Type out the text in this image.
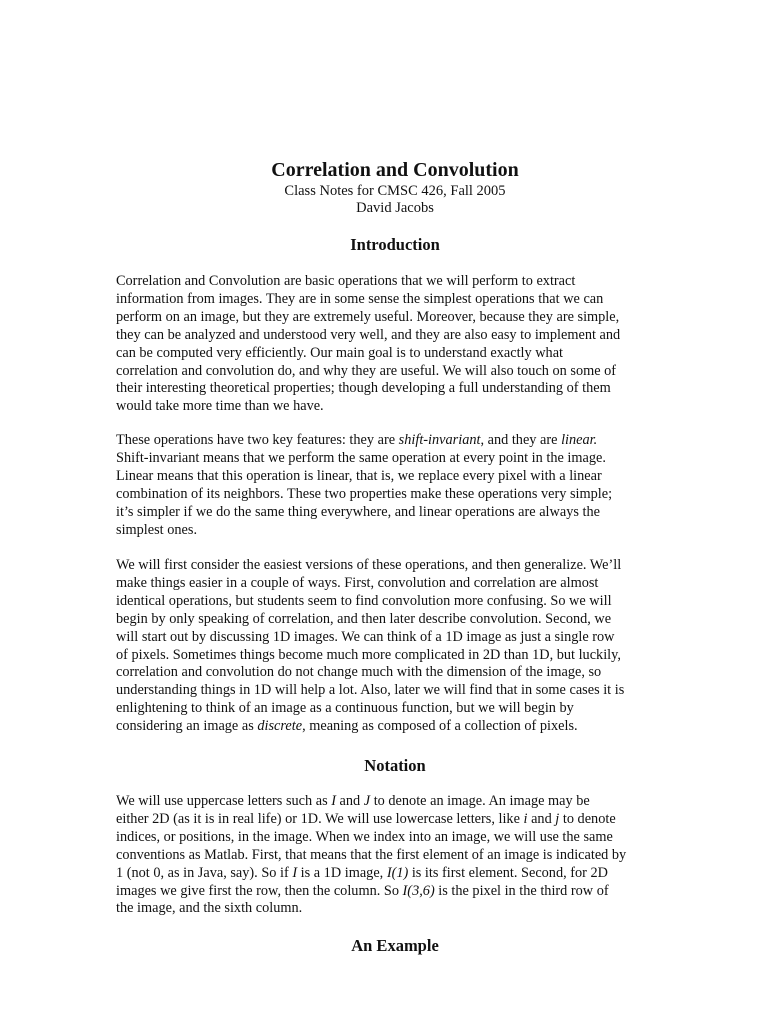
Correlation and Convolution
Class Notes for CMSC 426, Fall 2005
David Jacobs
Introduction
Correlation and Convolution are basic operations that we will perform to extract
information from images. They are in some sense the simplest operations that we can
perform on an image, but they are extremely useful. Moreover, because they are simple,
they can be analyzed and understood very well, and they are also easy to implement and
can be computed very efficiently. Our main goal is to understand exactly what
correlation and convolution do, and why they are useful. We will also touch on some of
their interesting theoretical properties; though developing a full understanding of them
would take more time than we have.
These operations have two key features: they are shift-invariant, and they are linear.
Shift-invariant means that we perform the same operation at every point in the image.
Linear means that this operation is linear, that is, we replace every pixel with a linear
combination of its neighbors. These two properties make these operations very simple;
it’s simpler if we do the same thing everywhere, and linear operations are always the
simplest ones.
We will first consider the easiest versions of these operations, and then generalize. We’ll
make things easier in a couple of ways. First, convolution and correlation are almost
identical operations, but students seem to find convolution more confusing. So we will
begin by only speaking of correlation, and then later describe convolution. Second, we
will start out by discussing 1D images. We can think of a 1D image as just a single row
of pixels. Sometimes things become much more complicated in 2D than 1D, but luckily,
correlation and convolution do not change much with the dimension of the image, so
understanding things in 1D will help a lot. Also, later we will find that in some cases it is
enlightening to think of an image as a continuous function, but we will begin by
considering an image as discrete, meaning as composed of a collection of pixels.
Notation
We will use uppercase letters such as I and J to denote an image. An image may be
either 2D (as it is in real life) or 1D. We will use lowercase letters, like i and j to denote
indices, or positions, in the image. When we index into an image, we will use the same
conventions as Matlab. First, that means that the first element of an image is indicated by
1 (not 0, as in Java, say). So if I is a 1D image, I(1) is its first element. Second, for 2D
images we give first the row, then the column. So I(3,6) is the pixel in the third row of
the image, and the sixth column.
An Example
